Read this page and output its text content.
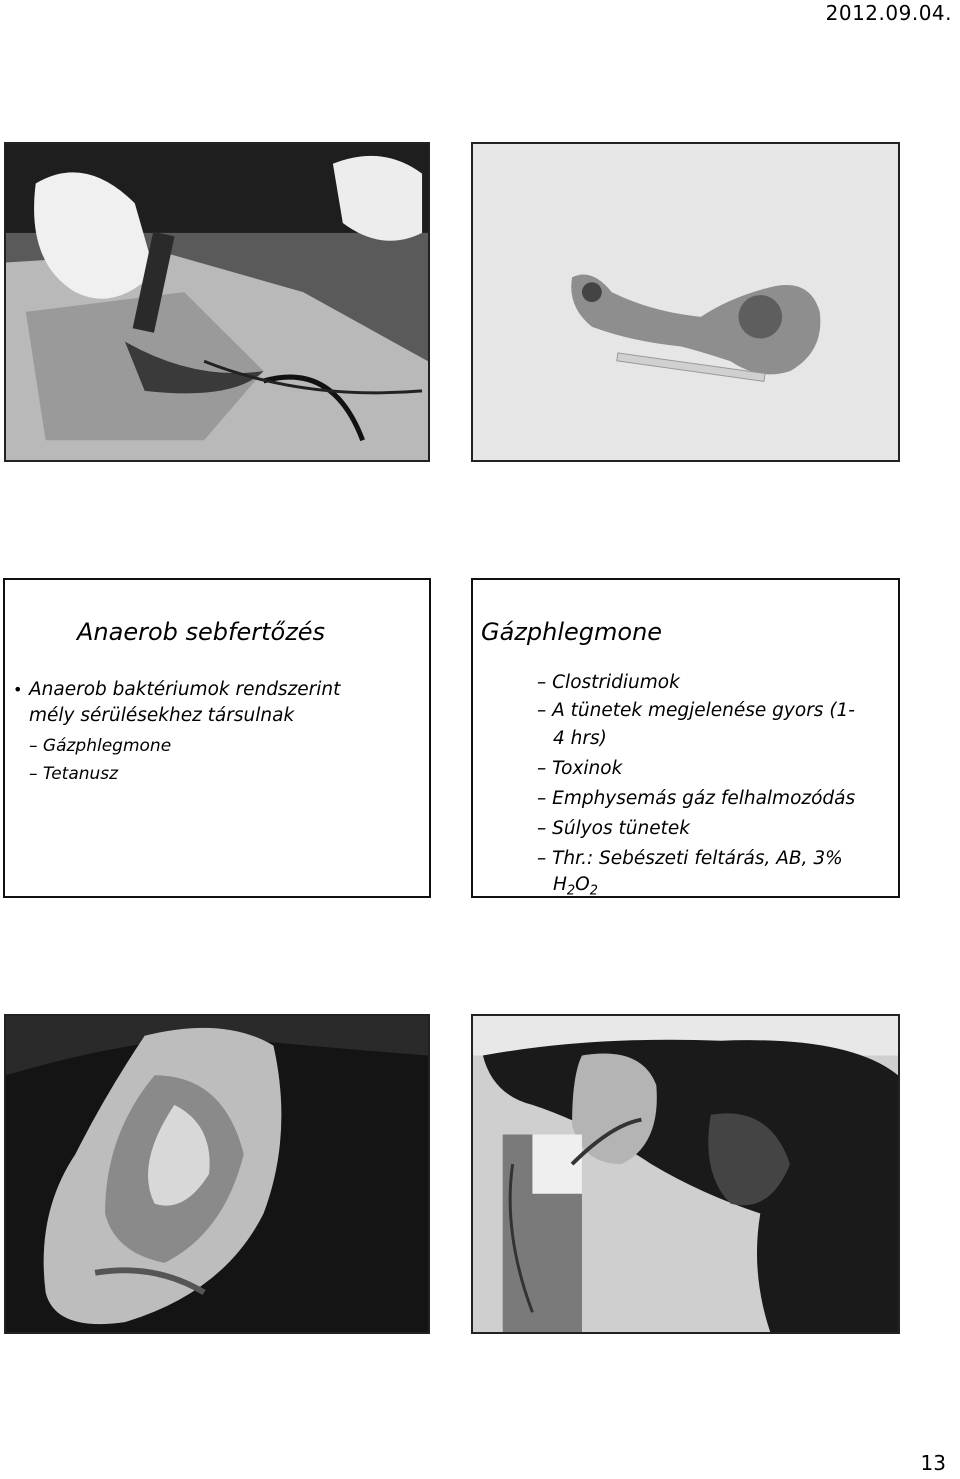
2012.09.04.
Anaerob sebfertőzés
• Anaerob baktériumok rendszerint
mély sérülésekhez társulnak
– Gázphlegmone
– Tetanusz
Gázphlegmone
– Clostridiumok
– A tünetek megjelenése gyors (1-
4 hrs)
– Toxinok
– Emphysemás gáz felhalmozódás
– Súlyos tünetek
– Thr.: Sebészeti feltárás, AB, 3%
$H_2O_2$
13
